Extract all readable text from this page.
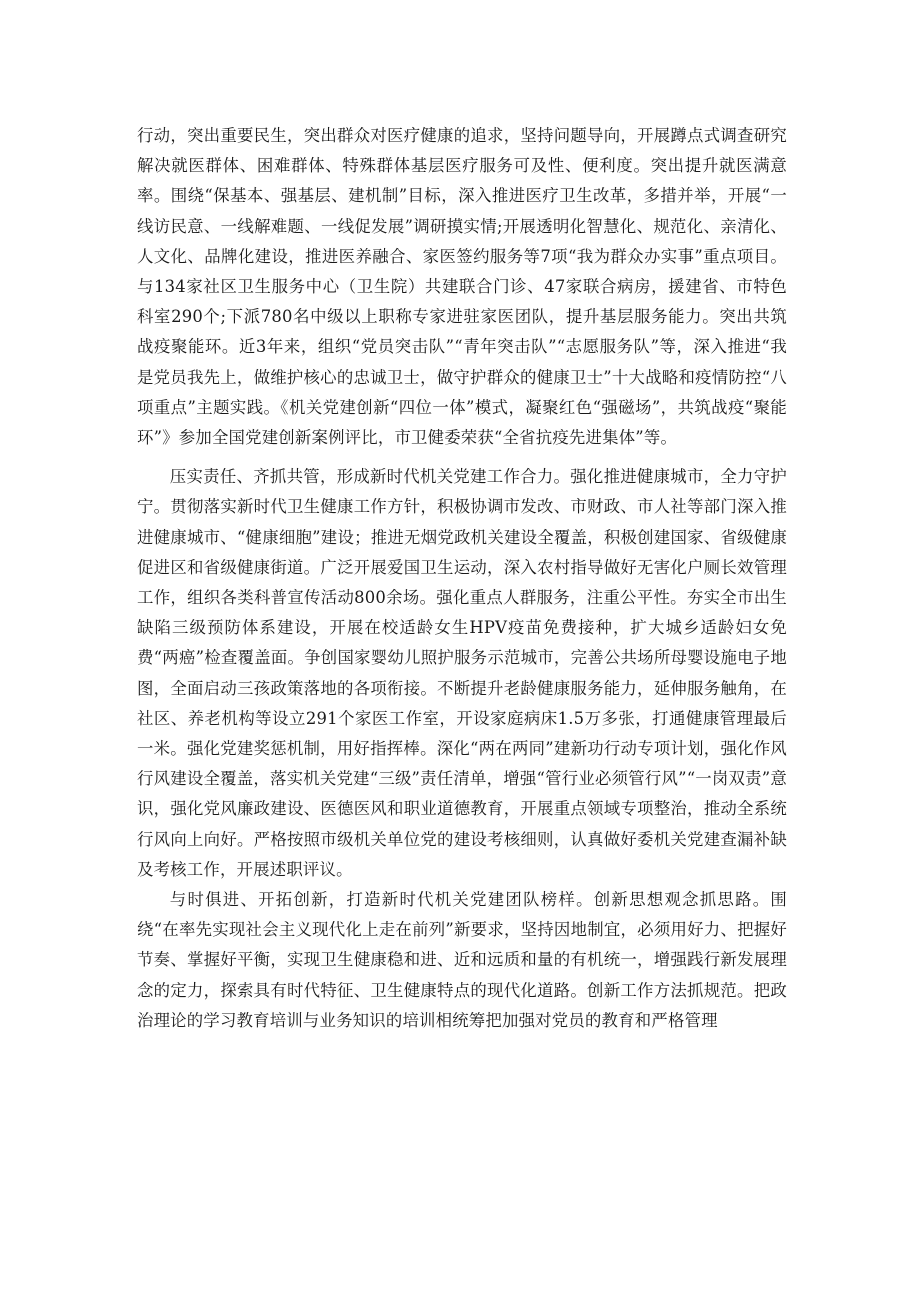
行动，突出重要民生，突出群众对医疗健康的追求，坚持问题导向，开展蹲点式调查研究解决就医群体、困难群体、特殊群体基层医疗服务可及性、便利度。突出提升就医满意率。围绕“保基本、强基层、建机制”目标，深入推进医疗卫生改革，多措并举，开展“一线访民意、一线解难题、一线促发展”调研摸实情;开展透明化智慧化、规范化、亲清化、人文化、品牌化建设，推进医养融合、家医签约服务等7项“我为群众办实事”重点项目。与134家社区卫生服务中心（卫生院）共建联合门诊、47家联合病房，援建省、市特色科室290个;下派780名中级以上职称专家进驻家医团队，提升基层服务能力。突出共筑战疫聚能环。近3年来，组织“党员突击队”“青年突击队”“志愿服务队”等，深入推进“我是党员我先上，做维护核心的忠诚卫士，做守护群众的健康卫士”十大战略和疫情防控“八项重点”主题实践。《机关党建创新“四位一体”模式，凝聚红色“强磁场”，共筑战疫“聚能环”》参加全国党建创新案例评比，市卫健委荣获“全省抗疫先进集体”等。

压实责任、齐抓共管，形成新时代机关党建工作合力。强化推进健康城市，全力守护宁。贯彻落实新时代卫生健康工作方针，积极协调市发改、市财政、市人社等部门深入推进健康城市、“健康细胞”建设；推进无烟党政机关建设全覆盖，积极创建国家、省级健康促进区和省级健康街道。广泛开展爱国卫生运动，深入农村指导做好无害化户厕长效管理工作，组织各类科普宣传活动800余场。强化重点人群服务，注重公平性。夯实全市出生缺陷三级预防体系建设，开展在校适龄女生HPV疫苗免费接种，扩大城乡适龄妇女免费“两癌”检查覆盖面。争创国家婴幼儿照护服务示范城市，完善公共场所母婴设施电子地图，全面启动三孩政策落地的各项衔接。不断提升老龄健康服务能力，延伸服务触角，在社区、养老机构等设立291个家医工作室，开设家庭病床1.5万多张，打通健康管理最后一米。强化党建奖惩机制，用好指挥棒。深化“两在两同”建新功行动专项计划，强化作风行风建设全覆盖，落实机关党建“三级”责任清单，增强“管行业必须管行风”“一岗双责”意识，强化党风廉政建设、医德医风和职业道德教育，开展重点领域专项整治，推动全系统行风向上向好。严格按照市级机关单位党的建设考核细则，认真做好委机关党建查漏补缺及考核工作，开展述职评议。

与时俱进、开拓创新，打造新时代机关党建团队榜样。创新思想观念抓思路。围绕“在率先实现社会主义现代化上走在前列”新要求，坚持因地制宜，必须用好力、把握好节奏、掌握好平衡，实现卫生健康稳和进、近和远质和量的有机统一，增强践行新发展理念的定力，探索具有时代特征、卫生健康特点的现代化道路。创新工作方法抓规范。把政治理论的学习教育培训与业务知识的培训相统筹把加强对党员的教育和严格管理
